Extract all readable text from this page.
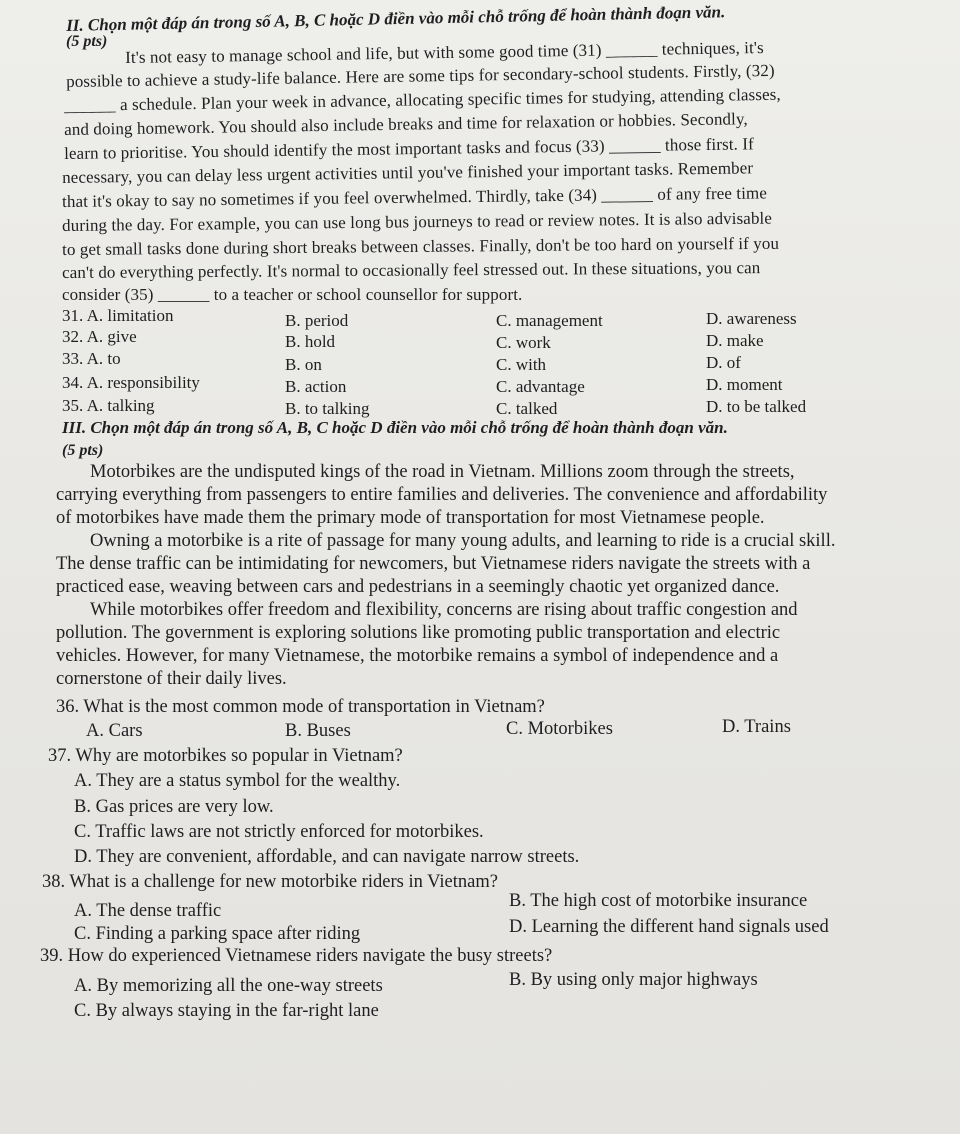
II. Chọn một đáp án trong số A, B, C hoặc D điền vào mỗi chỗ trống để hoàn thành đoạn văn.
(5 pts) It's not easy to manage school and life, but with some good time (31) ______ techniques, it's
possible to achieve a study-life balance. Here are some tips for secondary-school students. Firstly, (32)
______ a schedule. Plan your week in advance, allocating specific times for studying, attending classes,
and doing homework. You should also include breaks and time for relaxation or hobbies. Secondly,
learn to prioritise. You should identify the most important tasks and focus (33) ______ those first. If
necessary, you can delay less urgent activities until you've finished your important tasks. Remember
that it's okay to say no sometimes if you feel overwhelmed. Thirdly, take (34) ______ of any free time
during the day. For example, you can use long bus journeys to read or review notes. It is also advisable
to get small tasks done during short breaks between classes. Finally, don't be too hard on yourself if you
can't do everything perfectly. It's normal to occasionally feel stressed out. In these situations, you can
consider (35) ______ to a teacher or school counsellor for support.
31. A. limitation	B. period	C. management	D. awareness
32. A. give	B. hold	C. work	D. make
33. A. to	B. on	C. with	D. of
34. A. responsibility	B. action	C. advantage	D. moment
35. A. talking	B. to talking	C. talked	D. to be talked
III. Chọn một đáp án trong số A, B, C hoặc D điền vào mỗi chỗ trống để hoàn thành đoạn văn.
(5 pts)
Motorbikes are the undisputed kings of the road in Vietnam. Millions zoom through the streets,
carrying everything from passengers to entire families and deliveries. The convenience and affordability
of motorbikes have made them the primary mode of transportation for most Vietnamese people.
Owning a motorbike is a rite of passage for many young adults, and learning to ride is a crucial skill.
The dense traffic can be intimidating for newcomers, but Vietnamese riders navigate the streets with a
practiced ease, weaving between cars and pedestrians in a seemingly chaotic yet organized dance.
While motorbikes offer freedom and flexibility, concerns are rising about traffic congestion and
pollution. The government is exploring solutions like promoting public transportation and electric
vehicles. However, for many Vietnamese, the motorbike remains a symbol of independence and a
cornerstone of their daily lives.
36. What is the most common mode of transportation in Vietnam?
A. Cars	B. Buses	C. Motorbikes	D. Trains
37. Why are motorbikes so popular in Vietnam?
A. They are a status symbol for the wealthy.
B. Gas prices are very low.
C. Traffic laws are not strictly enforced for motorbikes.
D. They are convenient, affordable, and can navigate narrow streets.
38. What is a challenge for new motorbike riders in Vietnam?
A. The dense traffic	B. The high cost of motorbike insurance
C. Finding a parking space after riding	D. Learning the different hand signals used
39. How do experienced Vietnamese riders navigate the busy streets?
A. By memorizing all the one-way streets	B. By using only major highways
C. By always staying in the far-right lane
